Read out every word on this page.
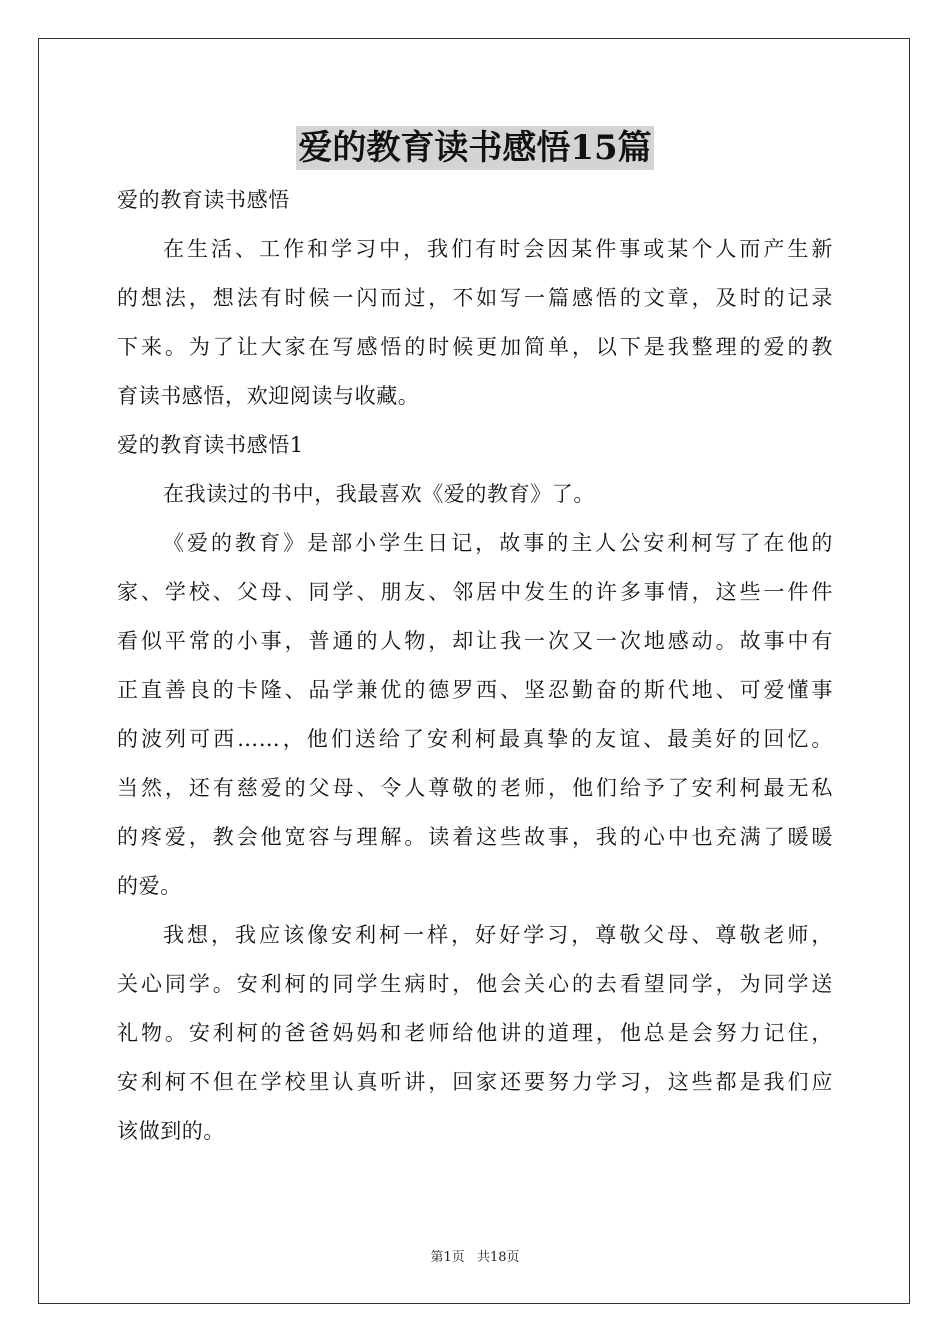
爱的教育读书感悟15篇
爱的教育读书感悟
在生活、工作和学习中，我们有时会因某件事或某个人而产生新
的想法，想法有时候一闪而过，不如写一篇感悟的文章，及时的记录
下来。为了让大家在写感悟的时候更加简单，以下是我整理的爱的教
育读书感悟，欢迎阅读与收藏。
爱的教育读书感悟1
在我读过的书中，我最喜欢《爱的教育》了。
《爱的教育》是部小学生日记，故事的主人公安利柯写了在他的
家、学校、父母、同学、朋友、邻居中发生的许多事情，这些一件件
看似平常的小事，普通的人物，却让我一次又一次地感动。故事中有
正直善良的卡隆、品学兼优的德罗西、坚忍勤奋的斯代地、可爱懂事
的波列可西……，他们送给了安利柯最真挚的友谊、最美好的回忆。
当然，还有慈爱的父母、令人尊敬的老师，他们给予了安利柯最无私
的疼爱，教会他宽容与理解。读着这些故事，我的心中也充满了暖暖
的爱。
我想，我应该像安利柯一样，好好学习，尊敬父母、尊敬老师，
关心同学。安利柯的同学生病时，他会关心的去看望同学，为同学送
礼物。安利柯的爸爸妈妈和老师给他讲的道理，他总是会努力记住，
安利柯不但在学校里认真听讲，回家还要努力学习，这些都是我们应
该做到的。
第1页 共18页
